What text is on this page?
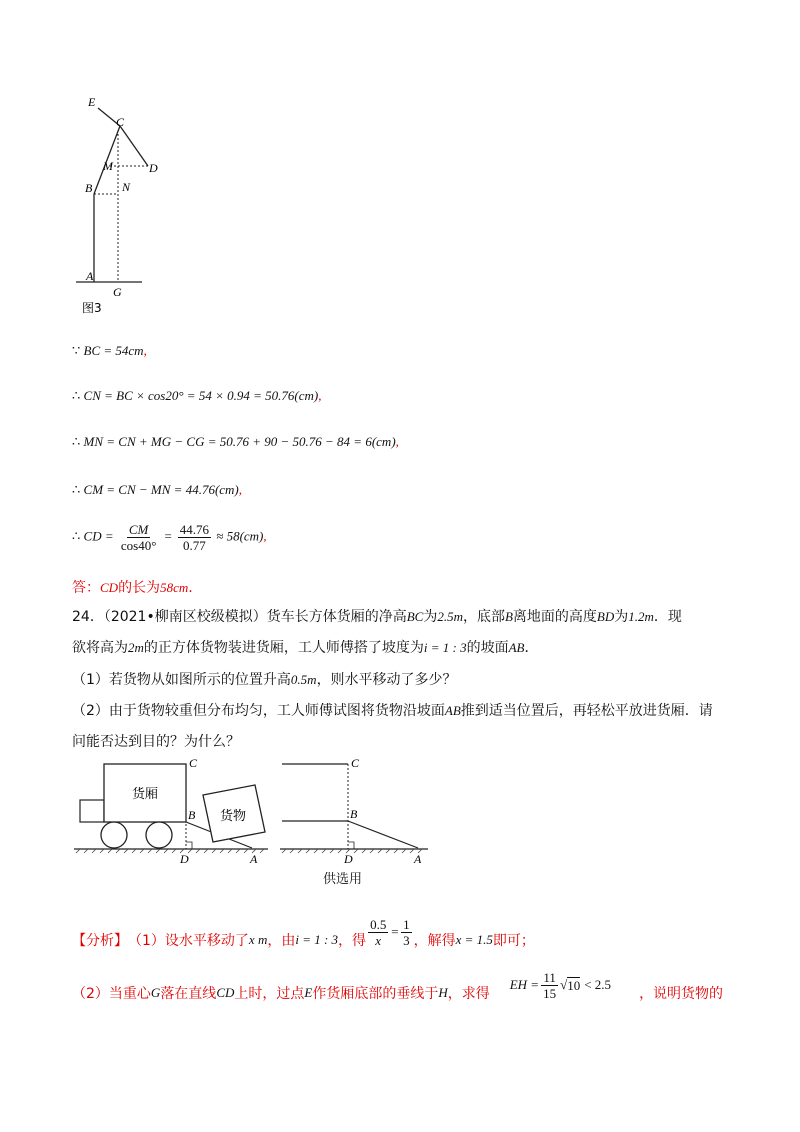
E
C
D
M
B N
A
G
图3
∵ BC = 54cm,
∴ CN = BC × cos20° = 54 × 0.94 = 50.76(cm),
∴ MN = CN + MG − CG = 50.76 + 90 − 50.76 − 84 = 6(cm),
∴ CM = CN − MN = 44.76(cm),
∴ CD = $\frac{CM}{\cos 40^\circ} = \frac{44.76}{0.77} \approx 58(cm)$,
答：CD的长为58cm.
24．（2021•柳南区校级模拟）货车长方体货厢的净高BC为2.5m，底部B离地面的高度BD为1.2m．现
欲将高为2m的正方体货物装进货厢，工人师傅搭了坡度为i = 1 : 3的坡面AB．
（1）若货物从如图所示的位置升高0.5m，则水平移动了多少？
（2）由于货物较重但分布均匀，工人师傅试图将货物沿坡面AB推到适当位置后，再轻松平放进货厢．请
问能否达到目的？为什么？
货厢
货物
C
B
D	A
C
B
D	A
供选用
【分析】 （1）设水平移动了 x m ，由 i = 1 : 3 ，得 $\frac{0.5}{x} = \frac{1}{3}$ ，解得 x = 1.5 即可；
（2）当重心 G 落在直线 CD 上时，过点 E 作货厢底部的垂线于 H ，求得
EH = $\frac{11}{15}$ √ 10 < 2.5
，说明货物的
